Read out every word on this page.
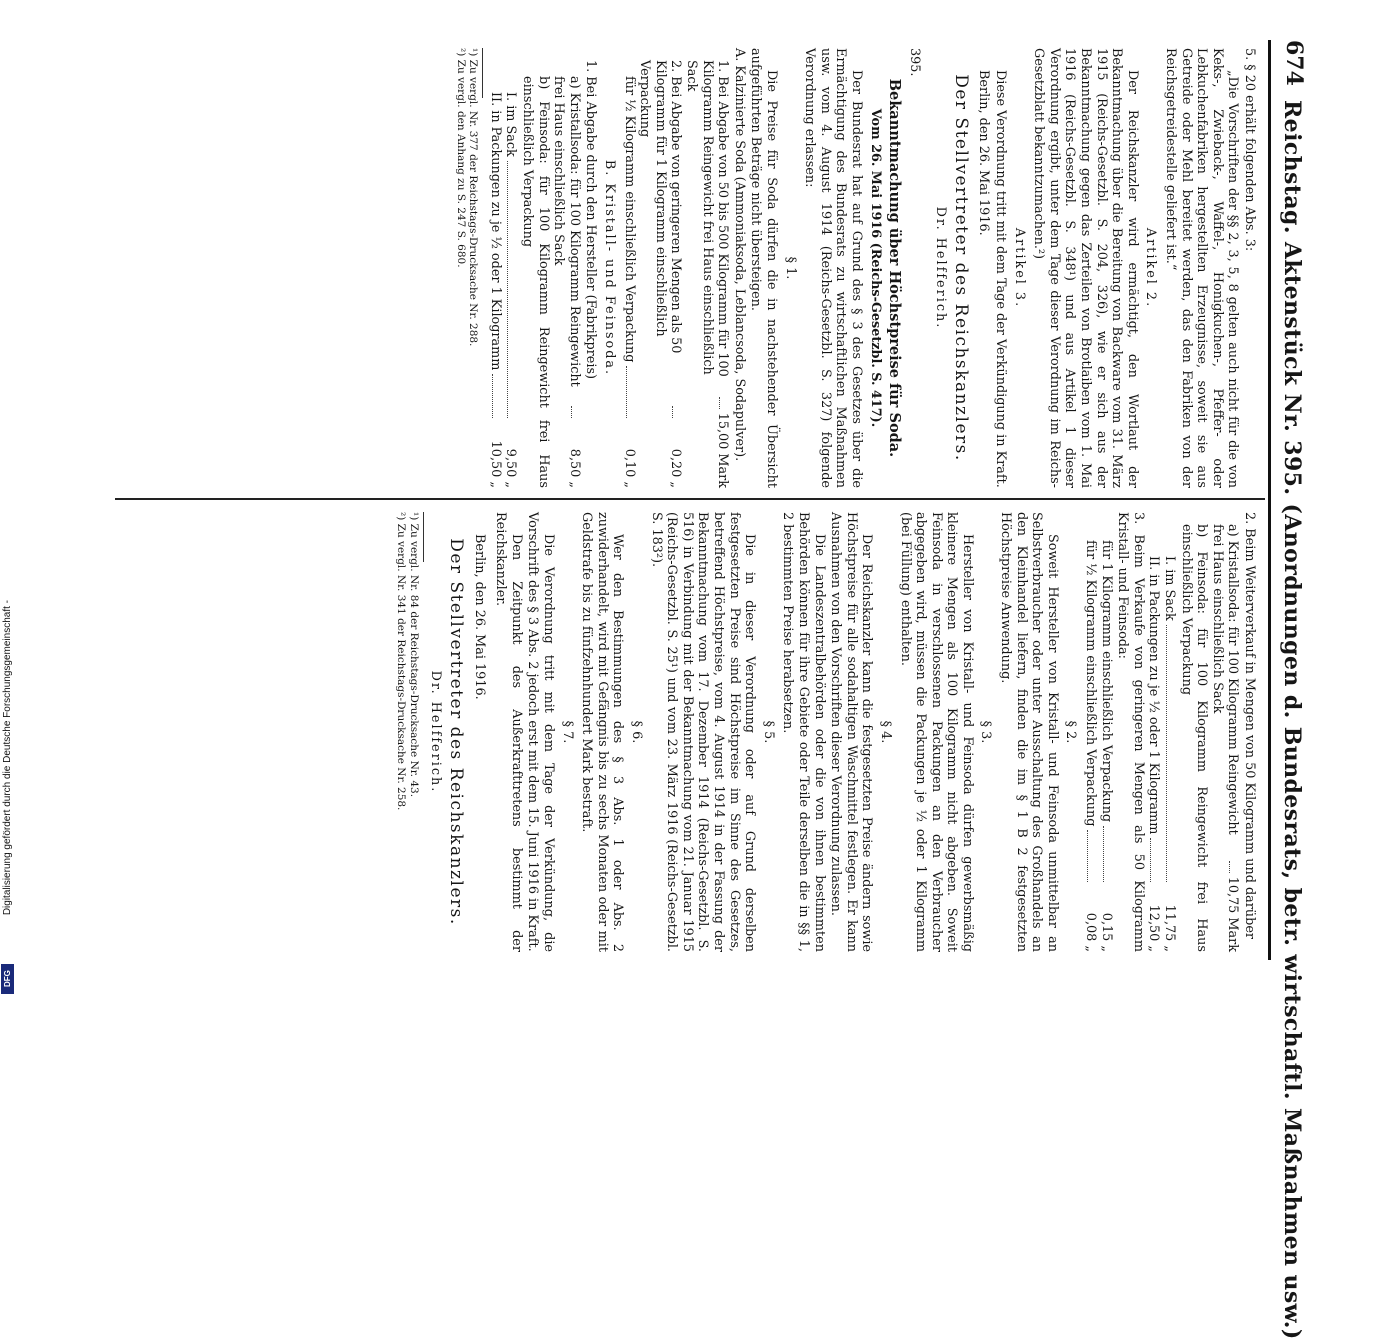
674
Reichstag. Aktenstück Nr. 395. (Anordnungen d. Bundesrats, betr. wirtschaftl. Maßnahmen usw.)

5. § 20 erhält folgenden Abs. 3:

„Die Vorschriften der §§ 2, 3, 5, 8 gelten auch nicht für die von Keks-, Zwieback-, Waffel-, Honigkuchen-, Pfeffer- oder Lebkuchenfabriken hergestellten Erzeugnisse, soweit sie aus Getreide oder Mehl bereitet werden, das den Fabriken von der Reichsgetreidestelle geliefert ist.“

Artikel 2.

Der Reichskanzler wird ermächtigt, den Wortlaut der Bekanntmachung über die Bereitung von Backware vom 31. März 1915 (Reichs-Gesetzbl. S. 204, 326), wie er sich aus der Bekanntmachung gegen das Zerteilen von Brotlaiben vom 1. Mai 1916 (Reichs-Gesetzbl. S. 348¹) und aus Artikel 1 dieser Verordnung ergibt, unter dem Tage dieser Verordnung im Reichs-Gesetzblatt bekanntzumachen.²)

Artikel 3.

Diese Verordnung tritt mit dem Tage der Verkündigung in Kraft.

Berlin, den 26. Mai 1916.

Der Stellvertreter des Reichskanzlers.
Dr. Helfferich.

395.

Bekanntmachung über Höchstpreise für Soda.
Vom 26. Mai 1916 (Reichs-Gesetzbl. S. 417).

Der Bundesrat hat auf Grund des § 3 des Gesetzes über die Ermächtigung des Bundesrats zu wirtschaftlichen Maßnahmen usw. vom 4. August 1914 (Reichs-Gesetzbl. S. 327) folgende Verordnung erlassen:

§ 1.

Die Preise für Soda dürfen die in nachstehender Übersicht aufgeführten Beträge nicht übersteigen.

A. Kalzinierte Soda (Ammoniaksoda, Leblancsoda, Sodapulver).

1. Bei Abgabe von 50 bis 500 Kilogramm für 100 Kilogramm Reingewicht frei Haus einschließlich Sack
15,00 Mark
2. Bei Abgabe von geringeren Mengen als 50 Kilogramm für 1 Kilogramm einschließlich Verpackung
0,20 „
für ½ Kilogramm einschließlich Verpackung
0,10 „
B. Kristall- und Feinsoda.

1. Bei Abgabe durch den Hersteller (Fabrikpreis)

a) Kristallsoda: für 100 Kilogramm Reingewicht frei Haus einschließlich Sack
8,50 „

b) Feinsoda: für 100 Kilogramm Reingewicht frei Haus einschließlich Verpackung

I. im Sack
9,50 „
II. in Packungen zu je ½ oder 1 Kilogramm
10,50 „
¹) Zu vergl. Nr. 377 der Reichstags-Drucksache Nr. 288.
²) Zu vergl. den Anhang zu S. 247 S. 680.

2. Beim Weiterverkauf in Mengen von 50 Kilogramm und darüber

a) Kristallsoda: für 100 Kilogramm Reingewicht frei Haus einschließlich Sack
10,75 Mark

b) Feinsoda: für 100 Kilogramm Reingewicht frei Haus einschließlich Verpackung

I. im Sack
11,75 „
II. in Packungen zu je ½ oder 1 Kilogramm
12,50 „

3. Beim Verkaufe von geringeren Mengen als 50 Kilogramm Kristall- und Feinsoda:

für 1 Kilogramm einschließlich Verpackung
0,15 „
für ½ Kilogramm einschließlich Verpackung
0,08 „
§ 2.

Soweit Hersteller von Kristall- und Feinsoda unmittelbar an Selbstverbraucher oder unter Ausschaltung des Großhandels an den Kleinhandel liefern, finden die im § 1 B 2 festgesetzten Höchstpreise Anwendung.

§ 3.

Hersteller von Kristall- und Feinsoda dürfen gewerbsmäßig kleinere Mengen als 100 Kilogramm nicht abgeben. Soweit Feinsoda in verschlossenen Packungen an den Verbraucher abgegeben wird, müssen die Packungen je ½ oder 1 Kilogramm (bei Füllung) enthalten.

§ 4.

Der Reichskanzler kann die festgesetzten Preise ändern sowie Höchstpreise für alle sodahaltigen Waschmittel festlegen. Er kann Ausnahmen von den Vorschriften dieser Verordnung zulassen.

Die Landeszentralbehörden oder die von ihnen bestimmten Behörden können für ihre Gebiete oder Teile derselben die in §§ 1, 2 bestimmten Preise herabsetzen.

§ 5.

Die in dieser Verordnung oder auf Grund derselben festgesetzten Preise sind Höchstpreise im Sinne des Gesetzes, betreffend Höchstpreise, vom 4. August 1914 in der Fassung der Bekanntmachung vom 17. Dezember 1914 (Reichs-Gesetzbl. S. 516) in Verbindung mit der Bekanntmachung vom 21. Januar 1915 (Reichs-Gesetzbl. S. 25¹) und vom 23. März 1916 (Reichs-Gesetzbl. S. 183²).

§ 6.

Wer den Bestimmungen des § 3 Abs. 1 oder Abs. 2 zuwiderhandelt, wird mit Gefängnis bis zu sechs Monaten oder mit Geldstrafe bis zu fünfzehnhundert Mark bestraft.

§ 7.

Die Verordnung tritt mit dem Tage der Verkündung, die Vorschrift des § 3 Abs. 2 jedoch erst mit dem 15. Juni 1916 in Kraft.

Den Zeitpunkt des Außerkrafttretens bestimmt der Reichskanzler.

Berlin, den 26. Mai 1916.

Der Stellvertreter des Reichskanzlers.
Dr. Helfferich.
¹) Zu vergl. Nr. 84 der Reichstags-Drucksache Nr. 43.
²) Zu vergl. Nr. 341 der Reichstags-Drucksache Nr. 258.
Digitalisierung gefördert durch die Deutsche Forschungsgemeinschaft -
DFG
